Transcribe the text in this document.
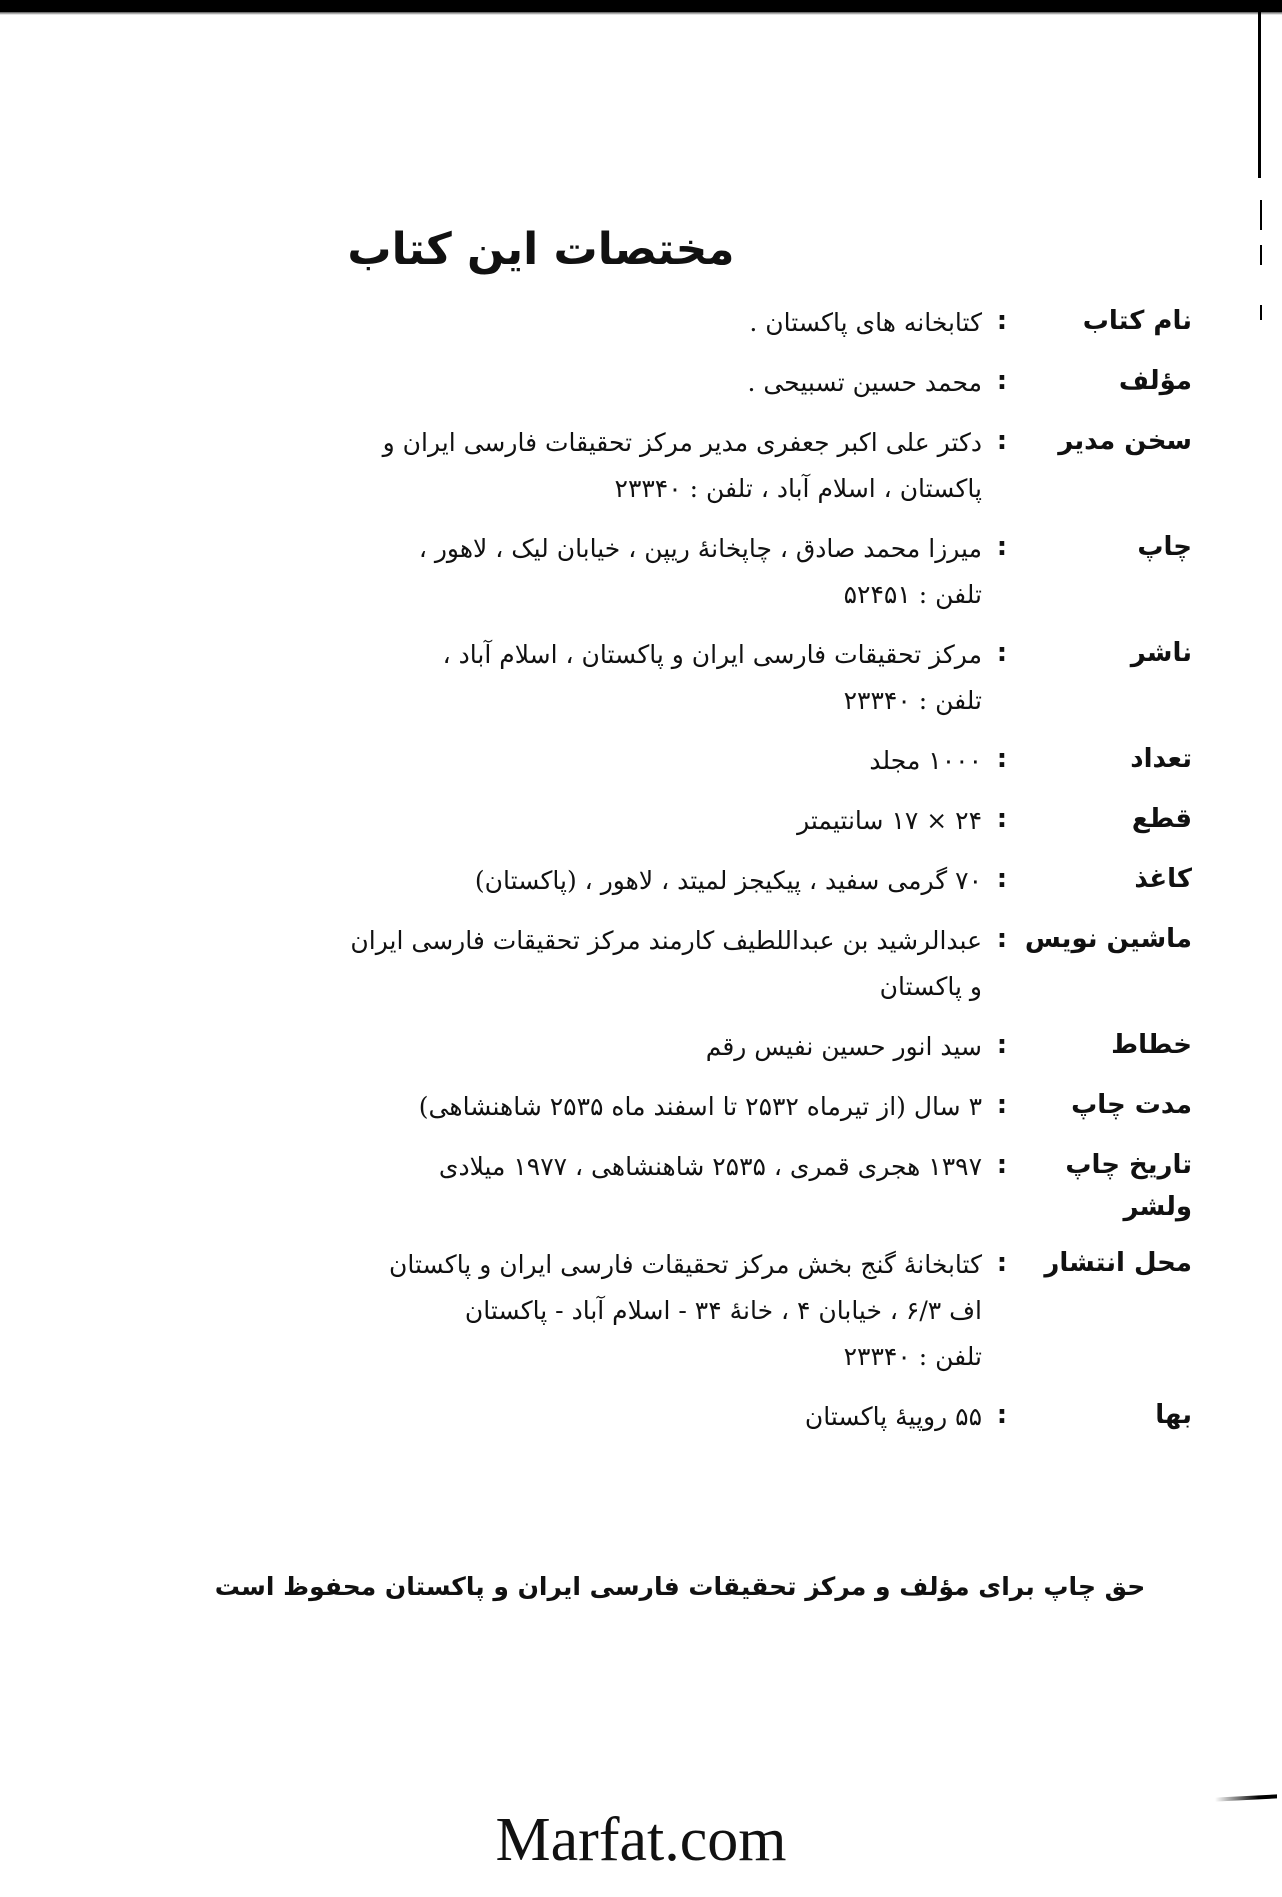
مختصات این کتاب
نام کتاب
:
کتابخانه های پاکستان .
مؤلف
:
محمد حسین تسبیحی .
سخن مدیر
:
دکتر علی اکبر جعفری مدیر مرکز تحقیقات فارسی ایران و
پاکستان ، اسلام آباد ، تلفن : ۲۳۳۴۰
چاپ
:
میرزا محمد صادق ، چاپخانهٔ ریپن ، خیابان لیک ، لاهور ،
تلفن : ۵۲۴۵۱
ناشر
:
مرکز تحقیقات فارسی ایران و پاکستان ، اسلام آباد ،
تلفن : ۲۳۳۴۰
تعداد
:
۱۰۰۰ مجلد
قطع
:
۲۴ × ۱۷ سانتیمتر
کاغذ
:
۷۰ گرمی سفید ، پیکیجز لمیتد ، لاهور ، (پاکستان)
ماشین نویس
:
عبدالرشید بن عبداللطیف کارمند مرکز تحقیقات فارسی ایران
و پاکستان
خطاط
:
سید انور حسین نفیس رقم
مدت چاپ
:
۳ سال (از تیرماه ۲۵۳۲ تا اسفند ماه ۲۵۳۵ شاهنشاهی)
تاریخ چاپ ولشر
:
۱۳۹۷ هجری قمری ، ۲۵۳۵ شاهنشاهی ، ۱۹۷۷ میلادی
محل انتشار
:
کتابخانهٔ گنج بخش مرکز تحقیقات فارسی ایران و پاکستان
اف ۶/۳ ، خیابان ۴ ، خانهٔ ۳۴ - اسلام آباد - پاکستان
تلفن : ۲۳۳۴۰
بها
:
۵۵ روپیهٔ پاکستان
حق چاپ برای مؤلف و مرکز تحقیقات فارسی ایران و پاکستان محفوظ است
Marfat.com
